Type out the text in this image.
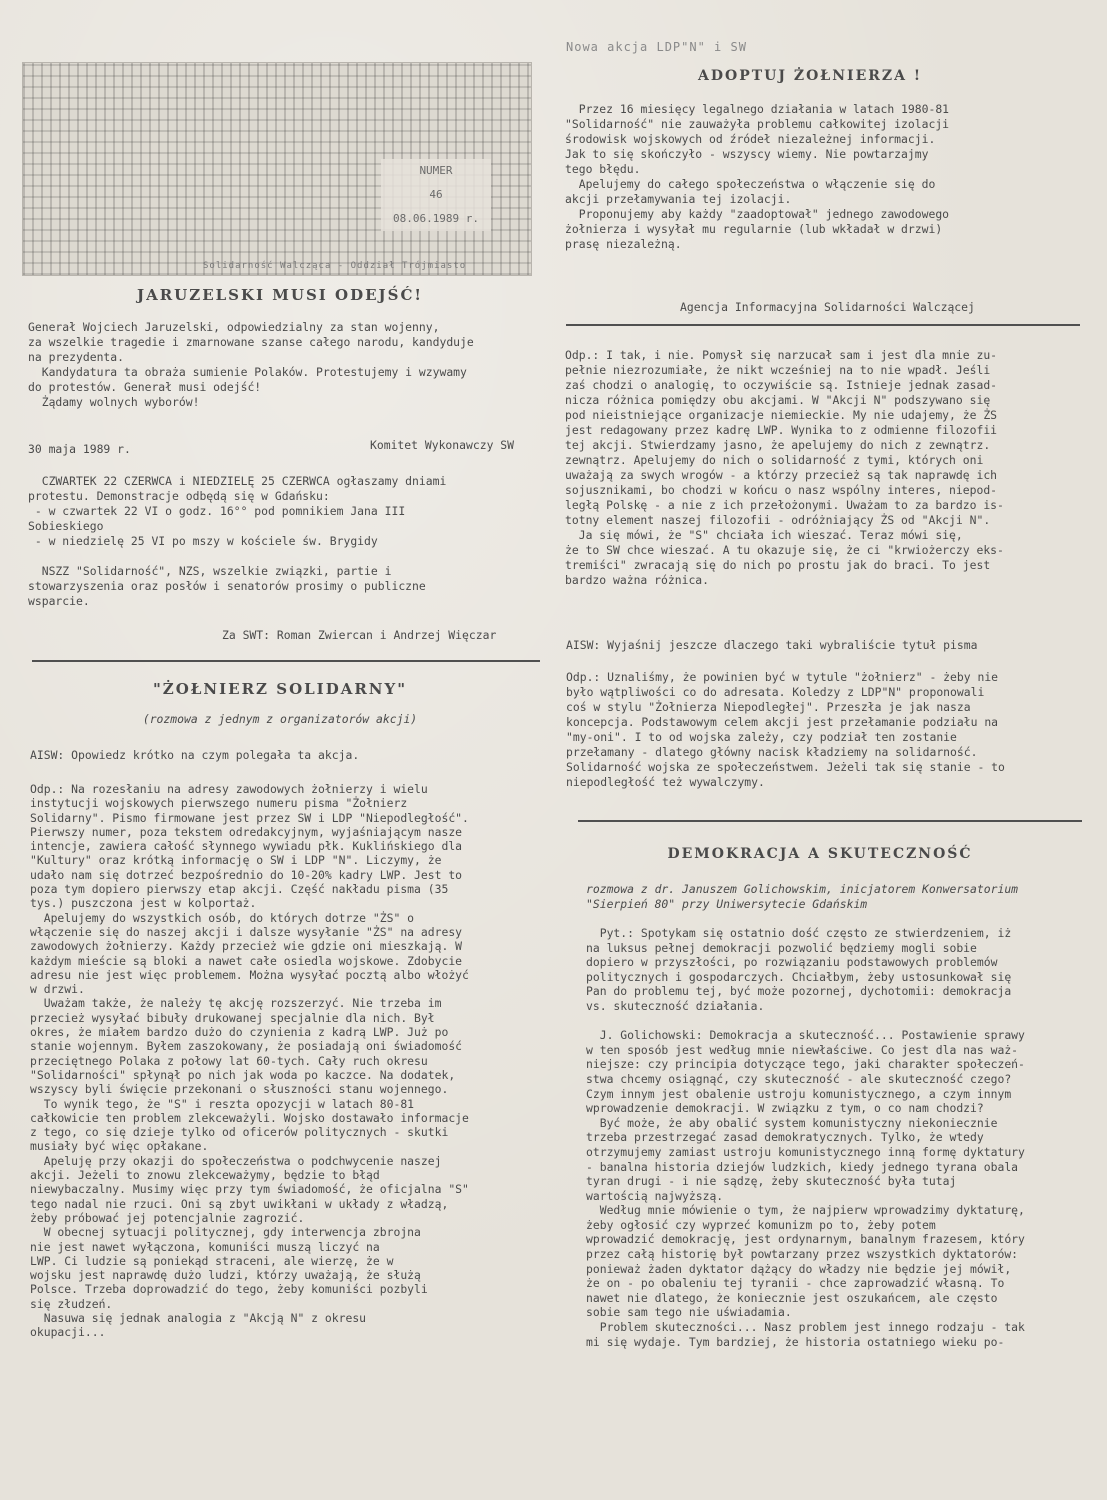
NUMER
46
08.06.1989 r.
Solidarność Walcząca - Oddział Trójmiasto
JARUZELSKI MUSI ODEJŚĆ!
Generał Wojciech Jaruzelski, odpowiedzialny za stan wojenny,
za wszelkie tragedie i zmarnowane szanse całego narodu, kandyduje
na prezydenta.
Kandydatura ta obraża sumienie Polaków. Protestujemy i wzywamy
do protestów. Generał musi odejść!
Żądamy wolnych wyborów!
30 maja 1989 r.	Komitet Wykonawczy SW
CZWARTEK 22 CZERWCA i NIEDZIELĘ 25 CZERWCA ogłaszamy dniami
protestu. Demonstracje odbędą się w Gdańsku:
- w czwartek 22 VI o godz. 16°° pod pomnikiem Jana III
Sobieskiego
- w niedzielę 25 VI po mszy w kościele św. Brygidy

NSZZ "Solidarność", NZS, wszelkie związki, partie i
stowarzyszenia oraz posłów i senatorów prosimy o publiczne
wsparcie.
Za SWT: Roman Zwiercan i Andrzej Więczar
"ŻOŁNIERZ SOLIDARNY"
(rozmowa z jednym z organizatorów akcji)
AISW: Opowiedz krótko na czym polegała ta akcja.
Odp.: Na rozesłaniu na adresy zawodowych żołnierzy i wielu
instytucji wojskowych pierwszego numeru pisma "Żołnierz
Solidarny". Pismo firmowane jest przez SW i LDP "Niepodległość".
Pierwszy numer, poza tekstem odredakcyjnym, wyjaśniającym nasze
intencje, zawiera całość słynnego wywiadu płk. Kuklińskiego dla
"Kultury" oraz krótką informację o SW i LDP "N". Liczymy, że
udało nam się dotrzeć bezpośrednio do 10-20% kadry LWP. Jest to
poza tym dopiero pierwszy etap akcji. Część nakładu pisma (35
tys.) puszczona jest w kolportaż.
Apelujemy do wszystkich osób, do których dotrze "ŻS" o
włączenie się do naszej akcji i dalsze wysyłanie "ŻS" na adresy
zawodowych żołnierzy. Każdy przecież wie gdzie oni mieszkają. W
każdym mieście są bloki a nawet całe osiedla wojskowe. Zdobycie
adresu nie jest więc problemem. Można wysyłać pocztą albo włożyć
w drzwi.
Uważam także, że należy tę akcję rozszerzyć. Nie trzeba im
przecież wysyłać bibuły drukowanej specjalnie dla nich. Był
okres, że miałem bardzo dużo do czynienia z kadrą LWP. Już po
stanie wojennym. Byłem zaszokowany, że posiadają oni świadomość
przeciętnego Polaka z połowy lat 60-tych. Cały ruch okresu
"Solidarności" spłynął po nich jak woda po kaczce. Na dodatek,
wszyscy byli święcie przekonani o słuszności stanu wojennego.
To wynik tego, że "S" i reszta opozycji w latach 80-81
całkowicie ten problem zlekceważyli. Wojsko dostawało informacje
z tego, co się dzieje tylko od oficerów politycznych - skutki
musiały być więc opłakane.
Apeluję przy okazji do społeczeństwa o podchwycenie naszej
akcji. Jeżeli to znowu zlekceważymy, będzie to błąd
niewybaczalny. Musimy więc przy tym świadomość, że oficjalna "S"
tego nadal nie rzuci. Oni są zbyt uwikłani w układy z władzą,
żeby próbować jej potencjalnie zagrozić.
W obecnej sytuacji politycznej, gdy interwencja zbrojna
nie jest nawet wyłączona, komuniści muszą liczyć na
LWP. Ci ludzie są poniekąd straceni, ale wierzę, że w
wojsku jest naprawdę dużo ludzi, którzy uważają, że służą
Polsce. Trzeba doprowadzić do tego, żeby komuniści pozbyli
się złudzeń.
Nasuwa się jednak analogia z "Akcją N" z okresu
okupacji...
Nowa akcja LDP"N" i SW
ADOPTUJ ŻOŁNIERZA !
Przez 16 miesięcy legalnego działania w latach 1980-81
"Solidarność" nie zauważyła problemu całkowitej izolacji
środowisk wojskowych od źródeł niezależnej informacji.
Jak to się skończyło - wszyscy wiemy. Nie powtarzajmy
tego błędu.
Apelujemy do całego społeczeństwa o włączenie się do
akcji przełamywania tej izolacji.
Proponujemy aby każdy "zaadoptował" jednego zawodowego
żołnierza i wysyłał mu regularnie (lub wkładał w drzwi)
prasę niezależną.
Agencja Informacyjna Solidarności Walczącej
Odp.: I tak, i nie. Pomysł się narzucał sam i jest dla mnie zu-
pełnie niezrozumiałe, że nikt wcześniej na to nie wpadł. Jeśli
zaś chodzi o analogię, to oczywiście są. Istnieje jednak zasad-
nicza różnica pomiędzy obu akcjami. W "Akcji N" podszywano się
pod nieistniejące organizacje niemieckie. My nie udajemy, że ŻS
jest redagowany przez kadrę LWP. Wynika to z odmienne filozofii
tej akcji. Stwierdzamy jasno, że apelujemy do nich z zewnątrz.
zewnątrz. Apelujemy do nich o solidarność z tymi, których oni
uważają za swych wrogów - a którzy przecież są tak naprawdę ich
sojusznikami, bo chodzi w końcu o nasz wspólny interes, niepod-
ległą Polskę - a nie z ich przełożonymi. Uważam to za bardzo is-
totny element naszej filozofii - odróżniający ŻS od "Akcji N".
Ja się mówi, że "S" chciała ich wieszać. Teraz mówi się,
że to SW chce wieszać. A tu okazuje się, że ci "krwiożerczy eks-
tremiści" zwracają się do nich po prostu jak do braci. To jest
bardzo ważna różnica.
AISW: Wyjaśnij jeszcze dlaczego taki wybraliście tytuł pisma
Odp.: Uznaliśmy, że powinien być w tytule "żołnierz" - żeby nie
było wątpliwości co do adresata. Koledzy z LDP"N" proponowali
coś w stylu "Żołnierza Niepodległej". Przeszła je jak nasza
koncepcja. Podstawowym celem akcji jest przełamanie podziału na
"my-oni". I to od wojska zależy, czy podział ten zostanie
przełamany - dlatego główny nacisk kładziemy na solidarność.
Solidarność wojska ze społeczeństwem. Jeżeli tak się stanie - to
niepodległość też wywalczymy.
DEMOKRACJA A SKUTECZNOŚĆ
rozmowa z dr. Januszem Golichowskim, inicjatorem Konwersatorium
"Sierpień 80" przy Uniwersytecie Gdańskim
Pyt.: Spotykam się ostatnio dość często ze stwierdzeniem, iż
na luksus pełnej demokracji pozwolić będziemy mogli sobie
dopiero w przyszłości, po rozwiązaniu podstawowych problemów
politycznych i gospodarczych. Chciałbym, żeby ustosunkował się
Pan do problemu tej, być może pozornej, dychotomii: demokracja
vs. skuteczność działania.

J. Golichowski: Demokracja a skuteczność... Postawienie sprawy
w ten sposób jest według mnie niewłaściwe. Co jest dla nas waż-
niejsze: czy principia dotyczące tego, jaki charakter społeczeń-
stwa chcemy osiągnąć, czy skuteczność - ale skuteczność czego?
Czym innym jest obalenie ustroju komunistycznego, a czym innym
wprowadzenie demokracji. W związku z tym, o co nam chodzi?
Być może, że aby obalić system komunistyczny niekoniecznie
trzeba przestrzegać zasad demokratycznych. Tylko, że wtedy
otrzymujemy zamiast ustroju komunistycznego inną formę dyktatury
- banalna historia dziejów ludzkich, kiedy jednego tyrana obala
tyran drugi - i nie sądzę, żeby skuteczność była tutaj
wartością najwyższą.
Według mnie mówienie o tym, że najpierw wprowadzimy dyktaturę,
żeby ogłosić czy wyprzeć komunizm po to, żeby potem
wprowadzić demokrację, jest ordynarnym, banalnym frazesem, który
przez całą historię był powtarzany przez wszystkich dyktatorów:
ponieważ żaden dyktator dążący do władzy nie będzie jej mówił,
że on - po obaleniu tej tyranii - chce zaprowadzić własną. To
nawet nie dlatego, że koniecznie jest oszukańcem, ale często
sobie sam tego nie uświadamia.
Problem skuteczności... Nasz problem jest innego rodzaju - tak
mi się wydaje. Tym bardziej, że historia ostatniego wieku po-
